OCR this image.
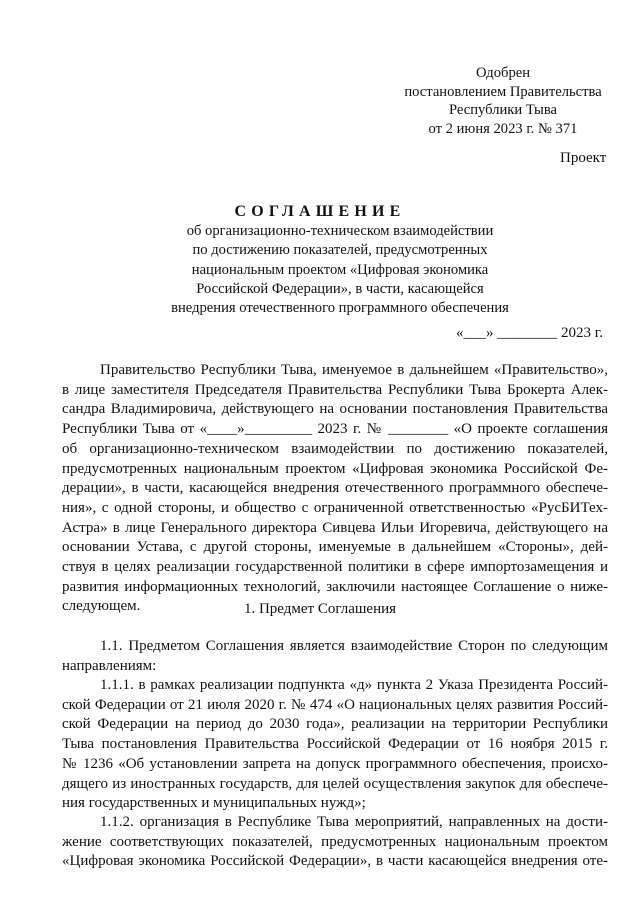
Одобрен
постановлением Правительства
Республики Тыва
от 2 июня 2023 г. № 371
Проект
СОГЛАШЕНИЕ
об организационно-техническом взаимодействии
по достижению показателей, предусмотренных
национальным проектом «Цифровая экономика
Российской Федерации», в части, касающейся
внедрения отечественного программного обеспечения
«___» ________ 2023 г.
Правительство Республики Тыва, именуемое в дальнейшем «Правительство»,
в лице заместителя Председателя Правительства Республики Тыва Брокерта Алек-
сандра Владимировича, действующего на основании постановления Правительства
Республики Тыва от «____»_________ 2023 г. № ________ «О проекте соглашения
об организационно-техническом взаимодействии по достижению показателей,
предусмотренных национальным проектом «Цифровая экономика Российской Фе-
дерации», в части, касающейся внедрения отечественного программного обеспече-
ния», с одной стороны, и общество с ограниченной ответственностью «РусБИТех-
Астра» в лице Генерального директора Сивцева Ильи Игоревича, действующего на
основании Устава, с другой стороны, именуемые в дальнейшем «Стороны», дей-
ствуя в целях реализации государственной политики в сфере импортозамещения и
развития информационных технологий, заключили настоящее Соглашение о ниже-
следующем.	1. Предмет Соглашения
1.1. Предметом Соглашения является взаимодействие Сторон по следующим
направлениям:
1.1.1. в рамках реализации подпункта «д» пункта 2 Указа Президента Россий-
ской Федерации от 21 июля 2020 г. № 474 «О национальных целях развития Россий-
ской Федерации на период до 2030 года», реализации на территории Республики
Тыва постановления Правительства Российской Федерации от 16 ноября 2015 г.
№ 1236 «Об установлении запрета на допуск программного обеспечения, происхо-
дящего из иностранных государств, для целей осуществления закупок для обеспече-
ния государственных и муниципальных нужд»;
1.1.2. организация в Республике Тыва мероприятий, направленных на дости-
жение соответствующих показателей, предусмотренных национальным проектом
«Цифровая экономика Российской Федерации», в части касающейся внедрения оте-
